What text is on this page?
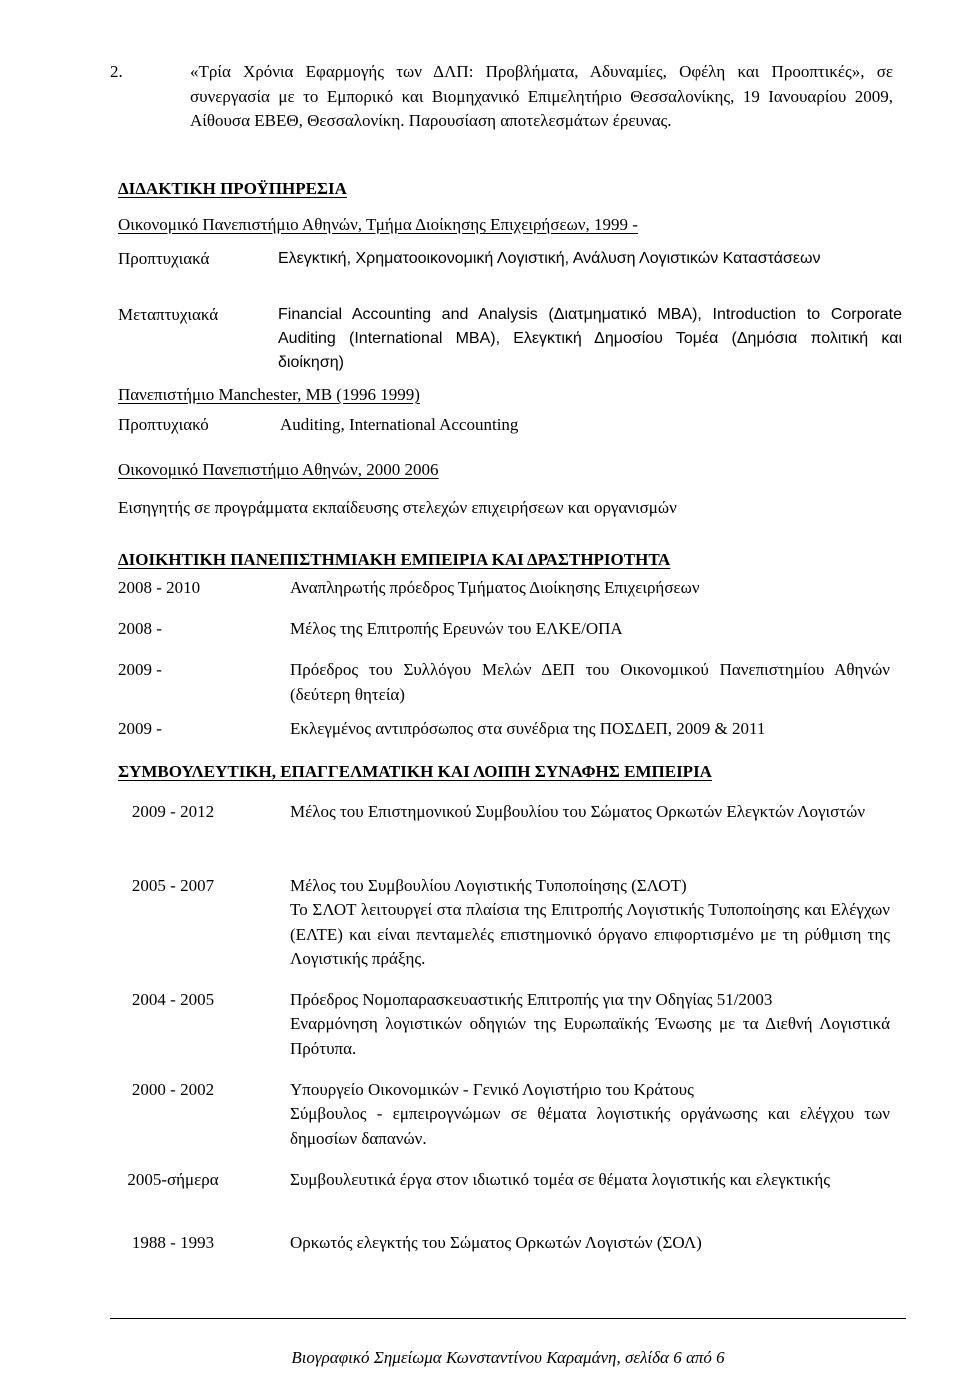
2.	«Τρία Χρόνια Εφαρμογής των ΔΛΠ: Προβλήματα, Αδυναμίες, Οφέλη και Προοπτικές», σε συνεργασία με το Εμπορικό και Βιομηχανικό Επιμελητήριο Θεσσαλονίκης, 19 Ιανουαρίου 2009, Αίθουσα ΕΒΕΘ, Θεσσαλονίκη. Παρουσίαση αποτελεσμάτων έρευνας.
ΔΙΔΑΚΤΙΚΗ ΠΡΟΫΠΗΡΕΣΙΑ
Οικονομικό Πανεπιστήμιο Αθηνών, Τμήμα Διοίκησης Επιχειρήσεων, 1999 -
Προπτυχιακά	Ελεγκτική, Χρηματοοικονομική Λογιστική, Ανάλυση Λογιστικών Καταστάσεων
Μεταπτυχιακά	Financial Accounting and Analysis (Διατμηματικό MBA), Introduction to Corporate Auditing (International MBA), Ελεγκτική Δημοσίου Τομέα (Δημόσια πολιτική και διοίκηση)
Πανεπιστήμιο Manchester, ΜΒ (1996 1999)
Προπτυχιακό	Auditing, International Accounting
Οικονομικό Πανεπιστήμιο Αθηνών, 2000 2006
Εισηγητής σε προγράμματα εκπαίδευσης στελεχών επιχειρήσεων και οργανισμών
ΔΙΟΙΚΗΤΙΚΗ ΠΑΝΕΠΙΣΤΗΜΙΑΚΗ ΕΜΠΕΙΡΙΑ ΚΑΙ ΔΡΑΣΤΗΡΙΟΤΗΤΑ
2008 - 2010	Αναπληρωτής πρόεδρος Τμήματος Διοίκησης Επιχειρήσεων
2008 -	Μέλος της Επιτροπής Ερευνών του ΕΛΚΕ/ΟΠΑ
2009 -	Πρόεδρος του Συλλόγου Μελών ΔΕΠ του Οικονομικού Πανεπιστημίου Αθηνών (δεύτερη θητεία)
2009 -	Εκλεγμένος αντιπρόσωπος στα συνέδρια της ΠΟΣΔΕΠ, 2009 & 2011
ΣΥΜΒΟΥΛΕΥΤΙΚΗ, ΕΠΑΓΓΕΛΜΑΤΙΚΗ ΚΑΙ ΛΟΙΠΗ ΣΥΝΑΦΗΣ ΕΜΠΕΙΡΙΑ
2009 - 2012	Μέλος του Επιστημονικού Συμβουλίου του Σώματος Ορκωτών Ελεγκτών Λογιστών
2005 - 2007	Μέλος του Συμβουλίου Λογιστικής Τυποποίησης (ΣΛΟΤ)
Το ΣΛΟΤ λειτουργεί στα πλαίσια της Επιτροπής Λογιστικής Τυποποίησης και Ελέγχων (ΕΛΤΕ) και είναι πενταμελές επιστημονικό όργανο επιφορτισμένο με τη ρύθμιση της Λογιστικής πράξης.
2004 - 2005	Πρόεδρος Νομοπαρασκευαστικής Επιτροπής για την Οδηγίας 51/2003
Εναρμόνηση λογιστικών οδηγιών της Ευρωπαϊκής Ένωσης με τα Διεθνή Λογιστικά Πρότυπα.
2000 - 2002	Υπουργείο Οικονομικών - Γενικό Λογιστήριο του Κράτους
Σύμβουλος - εμπειρογνώμων σε θέματα λογιστικής οργάνωσης και ελέγχου των δημοσίων δαπανών.
2005-σήμερα	Συμβουλευτικά έργα στον ιδιωτικό τομέα σε θέματα λογιστικής και ελεγκτικής
1988 - 1993	Ορκωτός ελεγκτής του Σώματος Ορκωτών Λογιστών (ΣΟΛ)
Βιογραφικό Σημείωμα Κωνσταντίνου Καραμάνη, σελίδα 6 από 6
